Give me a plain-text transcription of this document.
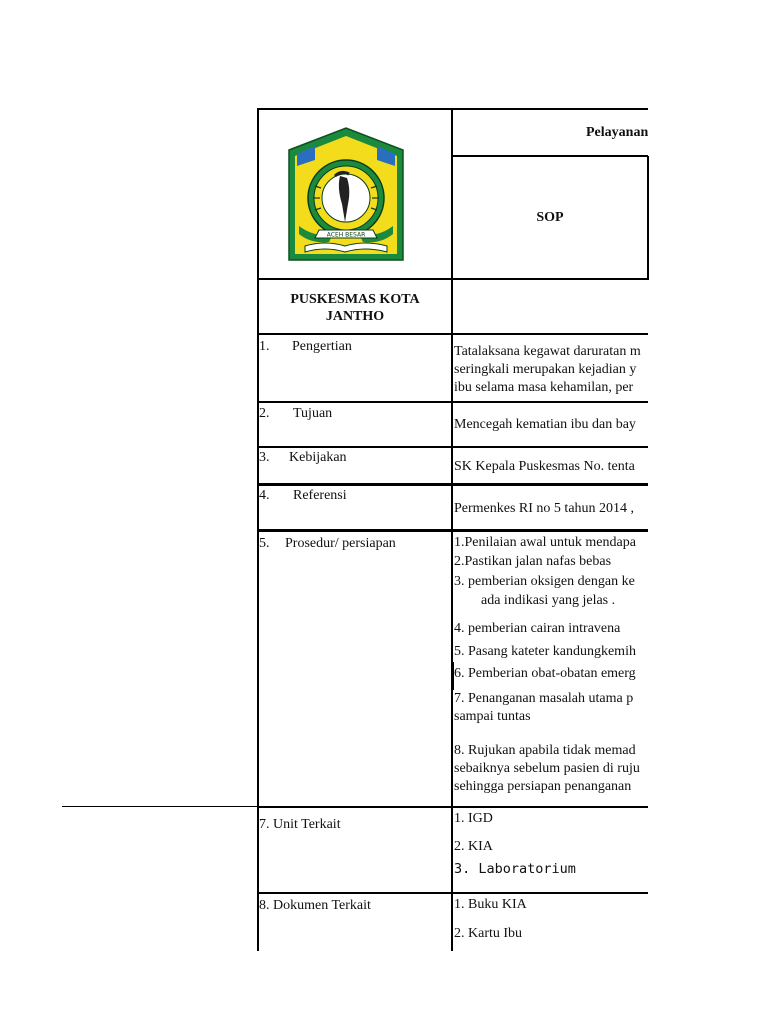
ACEH BESAR
Pelayanan
SOP
PUSKESMAS KOTA
JANTHO
1. Pengertian
2. Tujuan
3. Kebijakan
4. Referensi
5. Prosedur/ persiapan
7. Unit Terkait
8. Dokumen Terkait
Tatalaksana kegawat daruratan m
seringkali merupakan kejadian y
ibu selama masa kehamilan, per
Mencegah kematian ibu dan bay
SK Kepala Puskesmas No. tenta
Permenkes RI no 5 tahun 2014 ,
1.Penilaian awal untuk mendapa
2.Pastikan jalan nafas bebas
3. pemberian oksigen dengan ke
ada indikasi yang jelas .
4. pemberian cairan intravena
5. Pasang kateter kandungkemih
6. Pemberian obat-obatan emerg
7. Penanganan masalah utama p
sampai tuntas
8. Rujukan apabila tidak memad
sebaiknya sebelum pasien di ruju
sehingga persiapan penanganan
1. IGD
2. KIA
3. Laboratorium
1. Buku KIA
2. Kartu Ibu
